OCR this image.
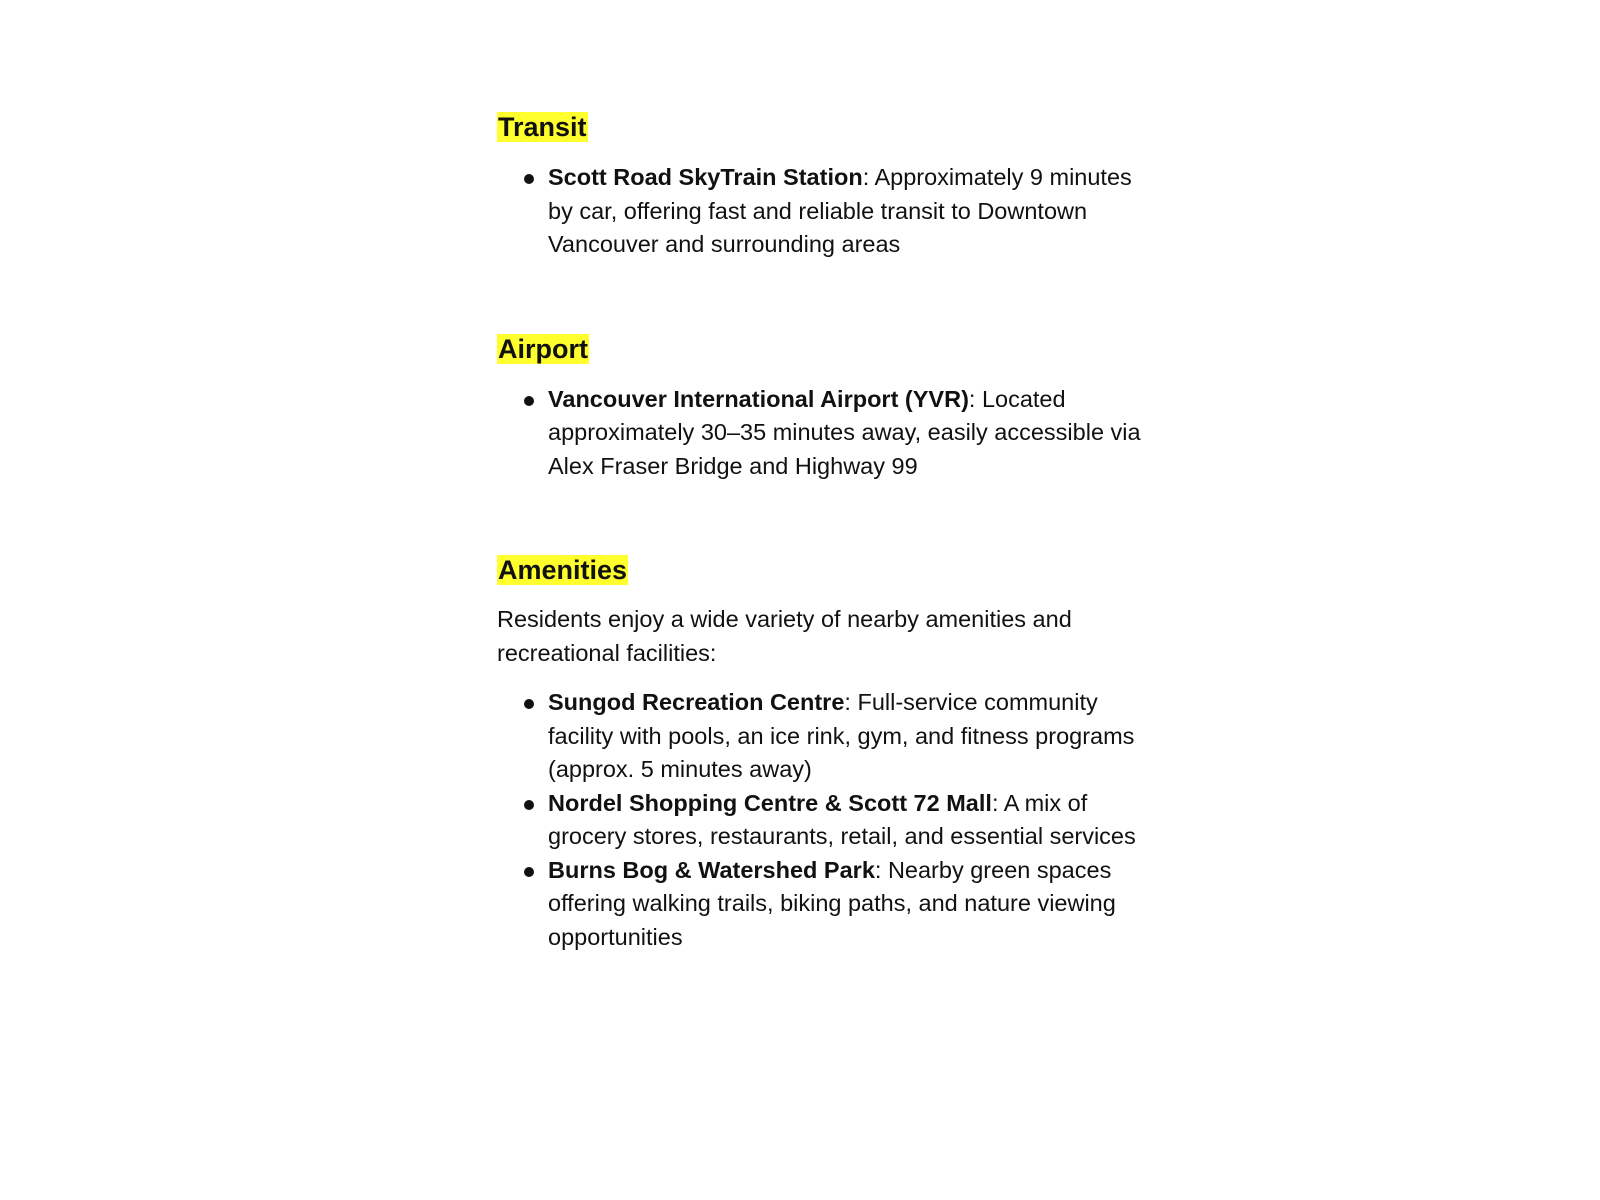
Transit
Scott Road SkyTrain Station: Approximately 9 minutes by car, offering fast and reliable transit to Downtown Vancouver and surrounding areas
Airport
Vancouver International Airport (YVR): Located approximately 30–35 minutes away, easily accessible via Alex Fraser Bridge and Highway 99
Amenities

Residents enjoy a wide variety of nearby amenities and recreational facilities:

Sungod Recreation Centre: Full-service community facility with pools, an ice rink, gym, and fitness programs (approx. 5 minutes away)
Nordel Shopping Centre & Scott 72 Mall: A mix of grocery stores, restaurants, retail, and essential services
Burns Bog & Watershed Park: Nearby green spaces offering walking trails, biking paths, and nature viewing opportunities
